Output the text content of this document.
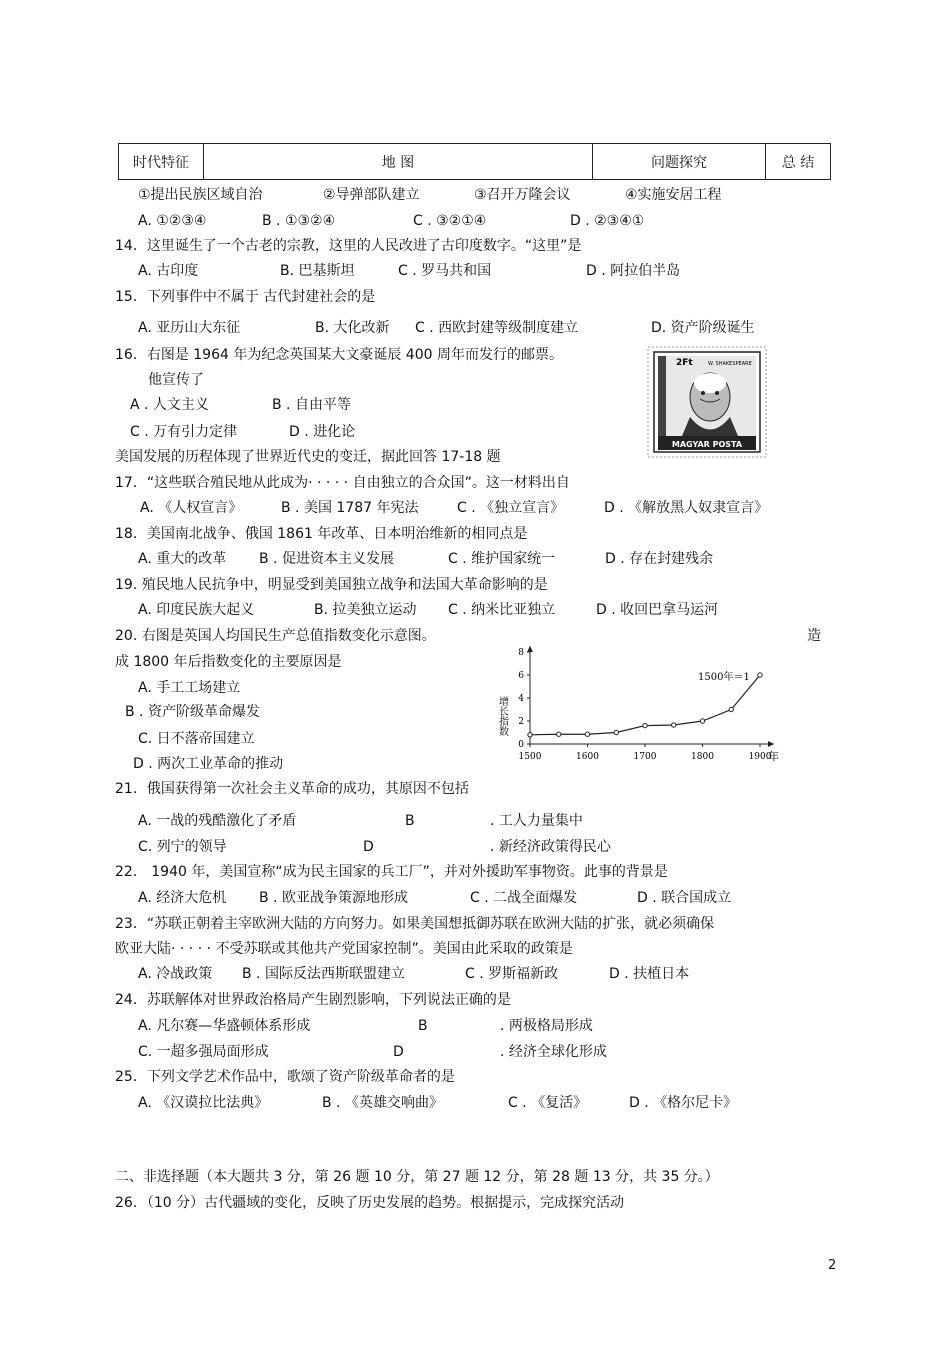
时代特征	地 图	问题探究	总 结
①提出民族区域自治	②导弹部队建立	③召开万隆会议	④实施安居工程
A. ①②③④	B . ①③②④	C . ③②①④	D . ②③④①
14．这里诞生了一个古老的宗教，这里的人民改进了古印度数字。“这里”是
A. 古印度	B. 巴基斯坦	C . 罗马共和国	D . 阿拉伯半岛
15．下列事件中不属于 古代封建社会的是
A. 亚历山大东征	B. 大化改新 C . 西欧封建等级制度建立	D. 资产阶级诞生
16．右图是 1964 年为纪念英国某大文豪诞辰 400 周年而发行的邮票。
他宣传了
A . 人文主义	B . 自由平等
C . 万有引力定律	D . 进化论
2Ft	W. SHAKESPEARE
MAGYAR POSTA
美国发展的历程体现了世界近代史的变迁，据此回答 17-18 题
17．“这些联合殖民地从此成为· · · · · 自由独立的合众国”。这一材料出自
A. 《人权宣言》	B . 美国 1787 年宪法	C . 《独立宣言》	D . 《解放黑人奴隶宣言》
18．美国南北战争、俄国 1861 年改革、日本明治维新的相同点是
A. 重大的改革 B . 促进资本主义发展	C . 维护国家统一	D . 存在封建残余
19. 殖民地人民抗争中，明显受到美国独立战争和法国大革命影响的是
A. 印度民族大起义	B. 拉美独立运动 C . 纳米比亚独立	D . 收回巴拿马运河
20. 右图是英国人均国民生产总值指数变化示意图。	造
成 1800 年后指数变化的主要原因是
A. 手工工场建立
B . 资产阶级革命爆发
C. 日不落帝国建立
D . 两次工业革命的推动
增长指数
年
1500年＝1
0
2
4
6
8
1500	1600	1700	1800	1900
21．俄国获得第一次社会主义革命的成功，其原因不包括
A. 一战的残酷激化了矛盾	B	. 工人力量集中
C. 列宁的领导	D	. 新经济政策得民心
22． 1940 年，美国宣称“成为民主国家的兵工厂”，并对外援助军事物资。此事的背景是
A. 经济大危机 B . 欧亚战争策源地形成	C . 二战全面爆发	D . 联合国成立
23．“苏联正朝着主宰欧洲大陆的方向努力。如果美国想抵御苏联在欧洲大陆的扩张，就必须确保
欧亚大陆· · · · · 不受苏联或其他共产党国家控制”。美国由此采取的政策是
A. 冷战政策 B . 国际反法西斯联盟建立	C . 罗斯福新政	D . 扶植日本
24．苏联解体对世界政治格局产生剧烈影响，下列说法正确的是
A. 凡尔赛—华盛顿体系形成	B	. 两极格局形成
C. 一超多强局面形成	D	. 经济全球化形成
25．下列文学艺术作品中，歌颂了资产阶级革命者的是
A. 《汉谟拉比法典》	B . 《英雄交响曲》	C . 《复活》	D . 《格尔尼卡》
二、非选择题（本大题共 3 分，第 26 题 10 分，第 27 题 12 分，第 28 题 13 分，共 35 分。）
26．（10 分）古代疆域的变化，反映了历史发展的趋势。根据提示，完成探究活动
2
